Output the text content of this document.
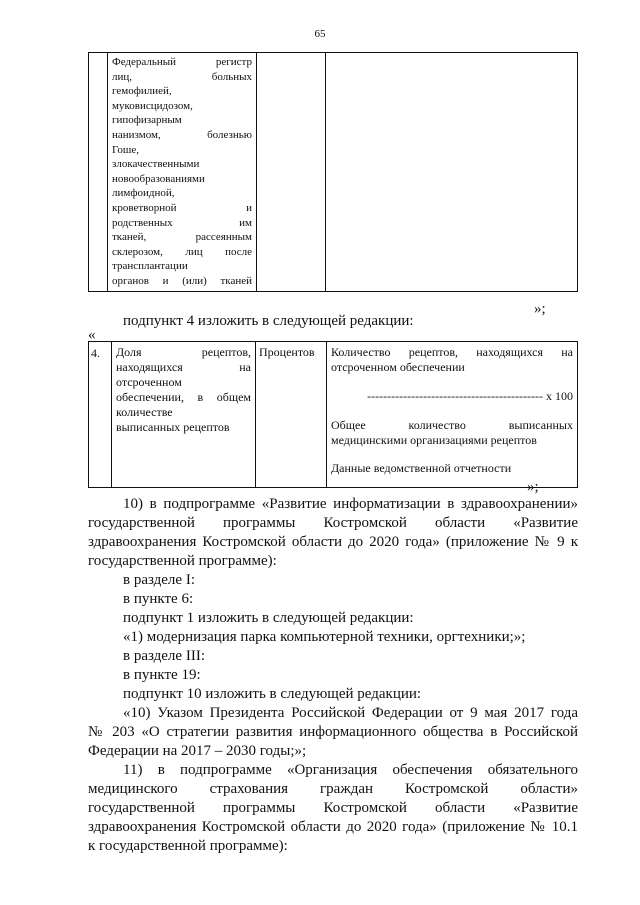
65

Федеральный регистр
лиц, больных
гемофилией,
муковисцидозом,
гипофизарным
нанизмом, болезнью
Гоше,
злокачественными
новообразованиями
лимфоидной,
кроветворной и
родственных им
тканей, рассеянным
склерозом, лиц после
трансплантации
органов и (или) тканей

»;
подпункт 4 изложить в следующей редакции:
«
4.	Доля рецептов,
находящихся на
отсроченном
обеспечении, в общем
количестве
выписанных рецептов
	Процентов	Количество рецептов, находящихся на
отсроченном обеспечении
-------------------------------------------- х 100
Общее количество выписанных
медицинскими организациями рецептов
Данные ведомственной отчетности
»;
10) в подпрограмме «Развитие информатизации в здравоохранении»
государственной программы Костромской области «Развитие
здравоохранения Костромской области до 2020 года» (приложение № 9 к
государственной программе):
в разделе I:
в пункте 6:
подпункт 1 изложить в следующей редакции:
«1) модернизация парка компьютерной техники, оргтехники;»;
в разделе III:
в пункте 19:
подпункт 10 изложить в следующей редакции:
«10) Указом Президента Российской Федерации от 9 мая 2017 года
№ 203 «О стратегии развития информационного общества в Российской
Федерации на 2017 – 2030 годы;»;
11) в подпрограмме «Организация обеспечения обязательного
медицинского страхования граждан Костромской области»
государственной программы Костромской области «Развитие
здравоохранения Костромской области до 2020 года» (приложение № 10.1
к государственной программе):
